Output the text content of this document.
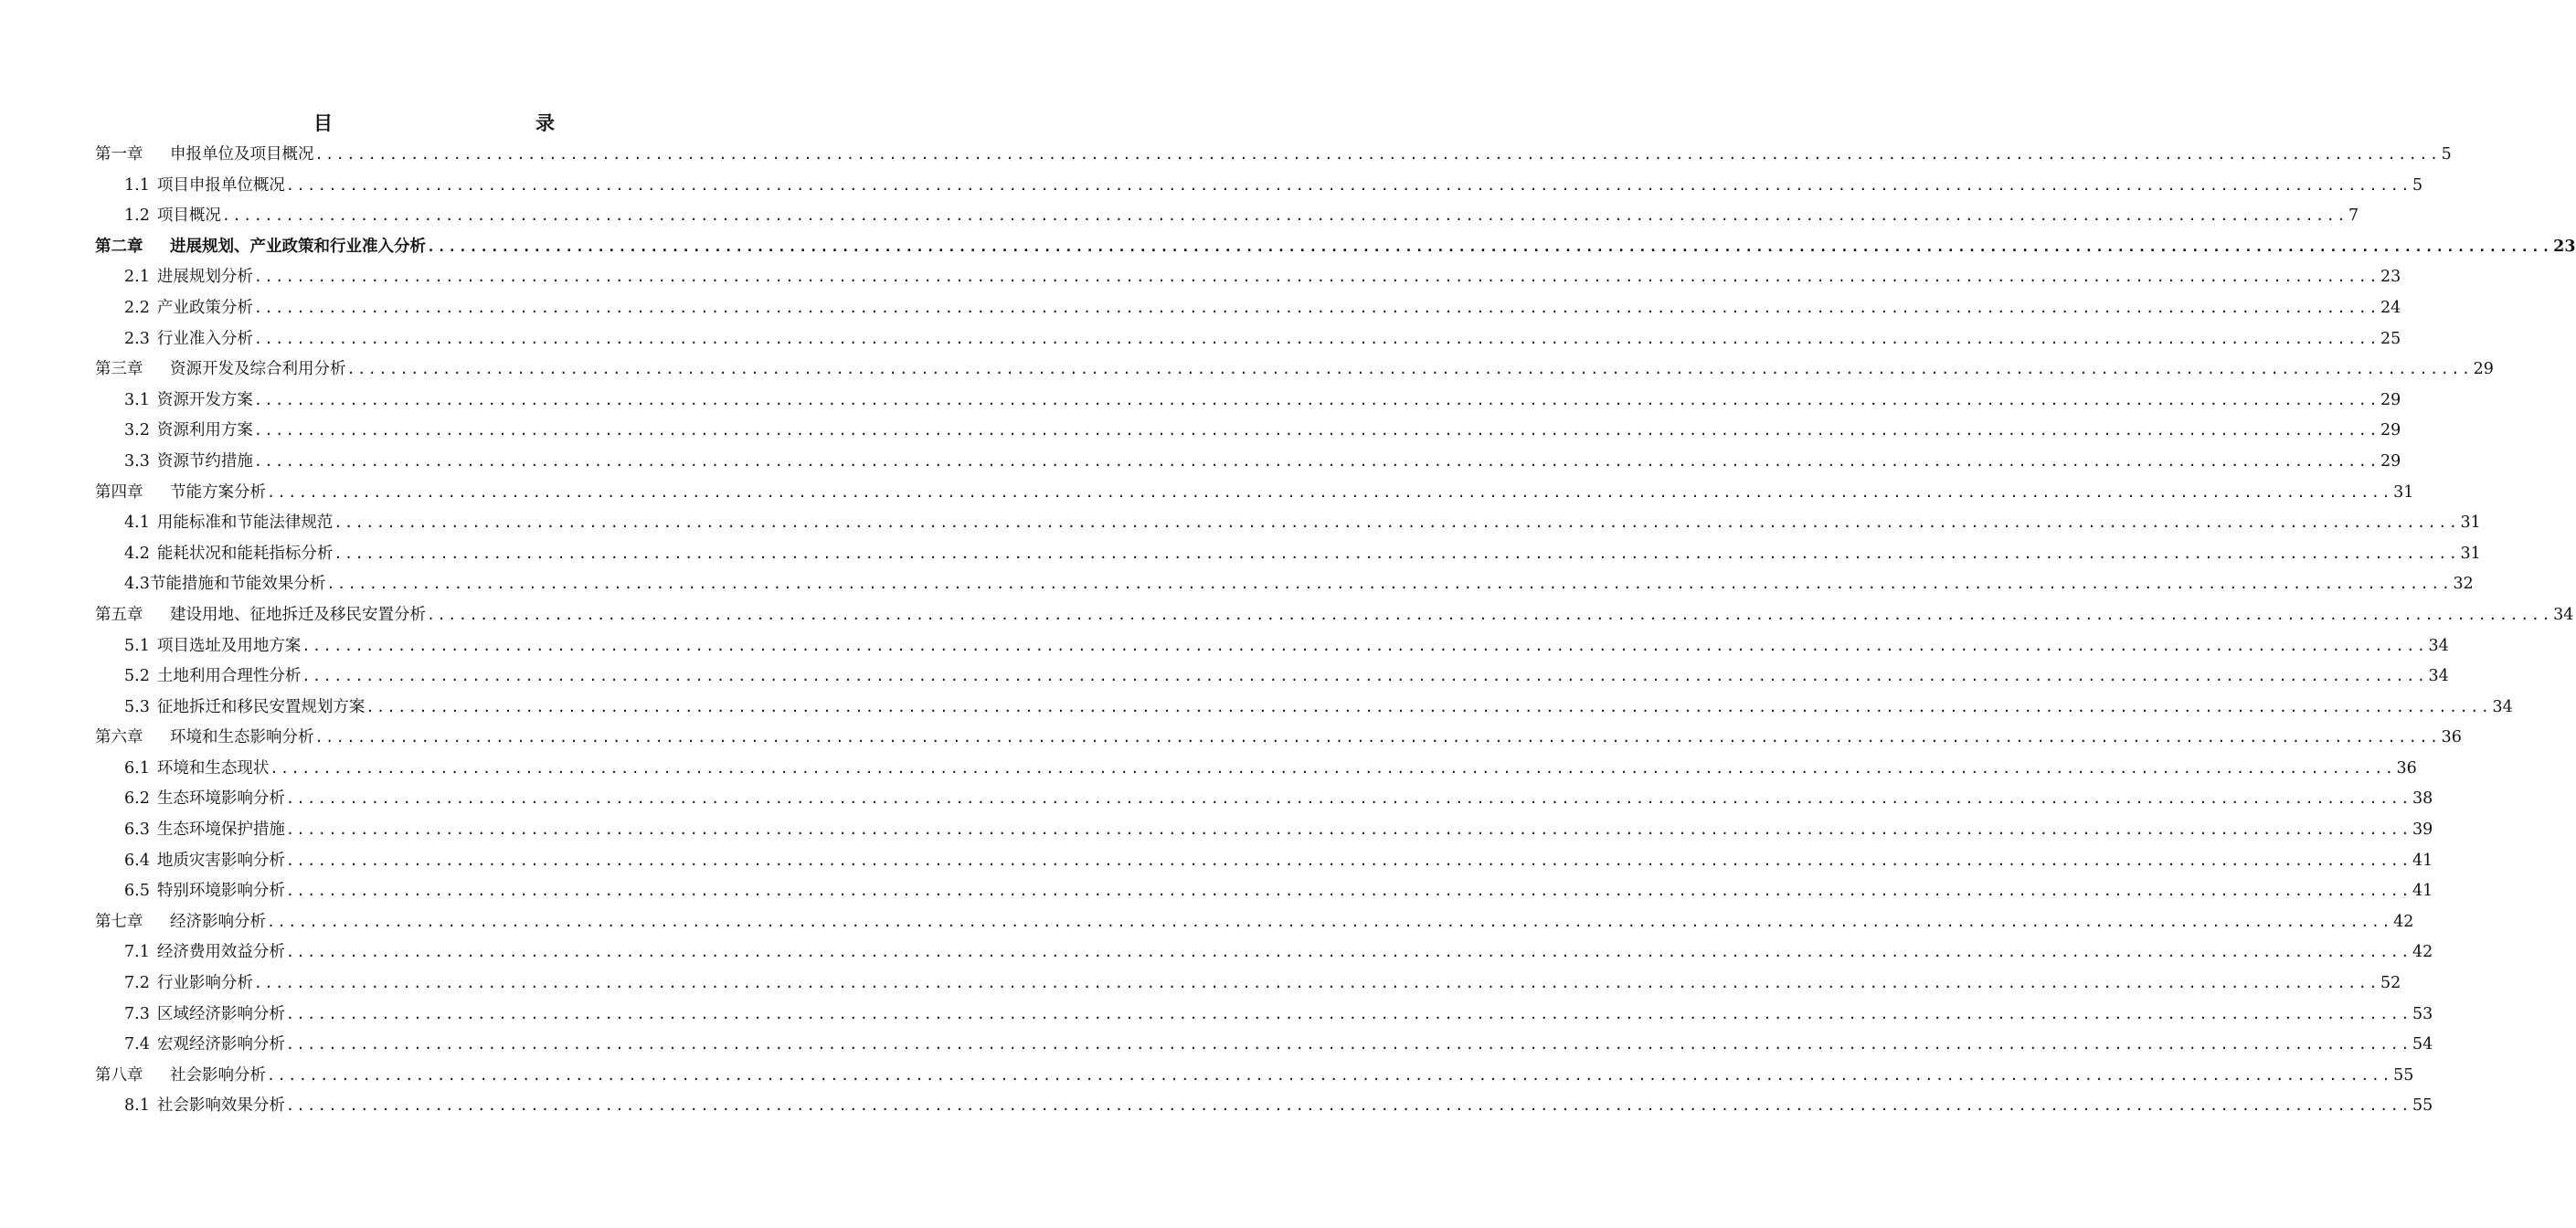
目　　录
第一章 申报单位及项目概况 ........................................................................................................................................................................................................ 5
1.1 项目申报单位概况 ........................................................................................................................................................................................................ 5
1.2 项目概况 ........................................................................................................................................................................................................ 7
第二章 进展规划、产业政策和行业准入分析 ........................................................................................................................................................................................................ 23
2.1 进展规划分析 ........................................................................................................................................................................................................ 23
2.2 产业政策分析 ........................................................................................................................................................................................................ 24
2.3 行业准入分析 ........................................................................................................................................................................................................ 25
第三章 资源开发及综合利用分析 ........................................................................................................................................................................................................ 29
3.1 资源开发方案 ........................................................................................................................................................................................................ 29
3.2 资源利用方案 ........................................................................................................................................................................................................ 29
3.3 资源节约措施 ........................................................................................................................................................................................................ 29
第四章 节能方案分析 ........................................................................................................................................................................................................ 31
4.1 用能标准和节能法律规范 ........................................................................................................................................................................................................ 31
4.2 能耗状况和能耗指标分析 ........................................................................................................................................................................................................ 31
4.3节能措施和节能效果分析 ........................................................................................................................................................................................................ 32
第五章 建设用地、征地拆迁及移民安置分析 ........................................................................................................................................................................................................ 34
5.1 项目选址及用地方案 ........................................................................................................................................................................................................ 34
5.2 土地利用合理性分析 ........................................................................................................................................................................................................ 34
5.3 征地拆迁和移民安置规划方案 ........................................................................................................................................................................................................ 34
第六章 环境和生态影响分析 ........................................................................................................................................................................................................ 36
6.1 环境和生态现状 ........................................................................................................................................................................................................ 36
6.2 生态环境影响分析 ........................................................................................................................................................................................................ 38
6.3 生态环境保护措施 ........................................................................................................................................................................................................ 39
6.4 地质灾害影响分析 ........................................................................................................................................................................................................ 41
6.5 特别环境影响分析 ........................................................................................................................................................................................................ 41
第七章 经济影响分析 ........................................................................................................................................................................................................ 42
7.1 经济费用效益分析 ........................................................................................................................................................................................................ 42
7.2 行业影响分析 ........................................................................................................................................................................................................ 52
7.3 区域经济影响分析 ........................................................................................................................................................................................................ 53
7.4 宏观经济影响分析 ........................................................................................................................................................................................................ 54
第八章 社会影响分析 ........................................................................................................................................................................................................ 55
8.1 社会影响效果分析 ........................................................................................................................................................................................................ 55
